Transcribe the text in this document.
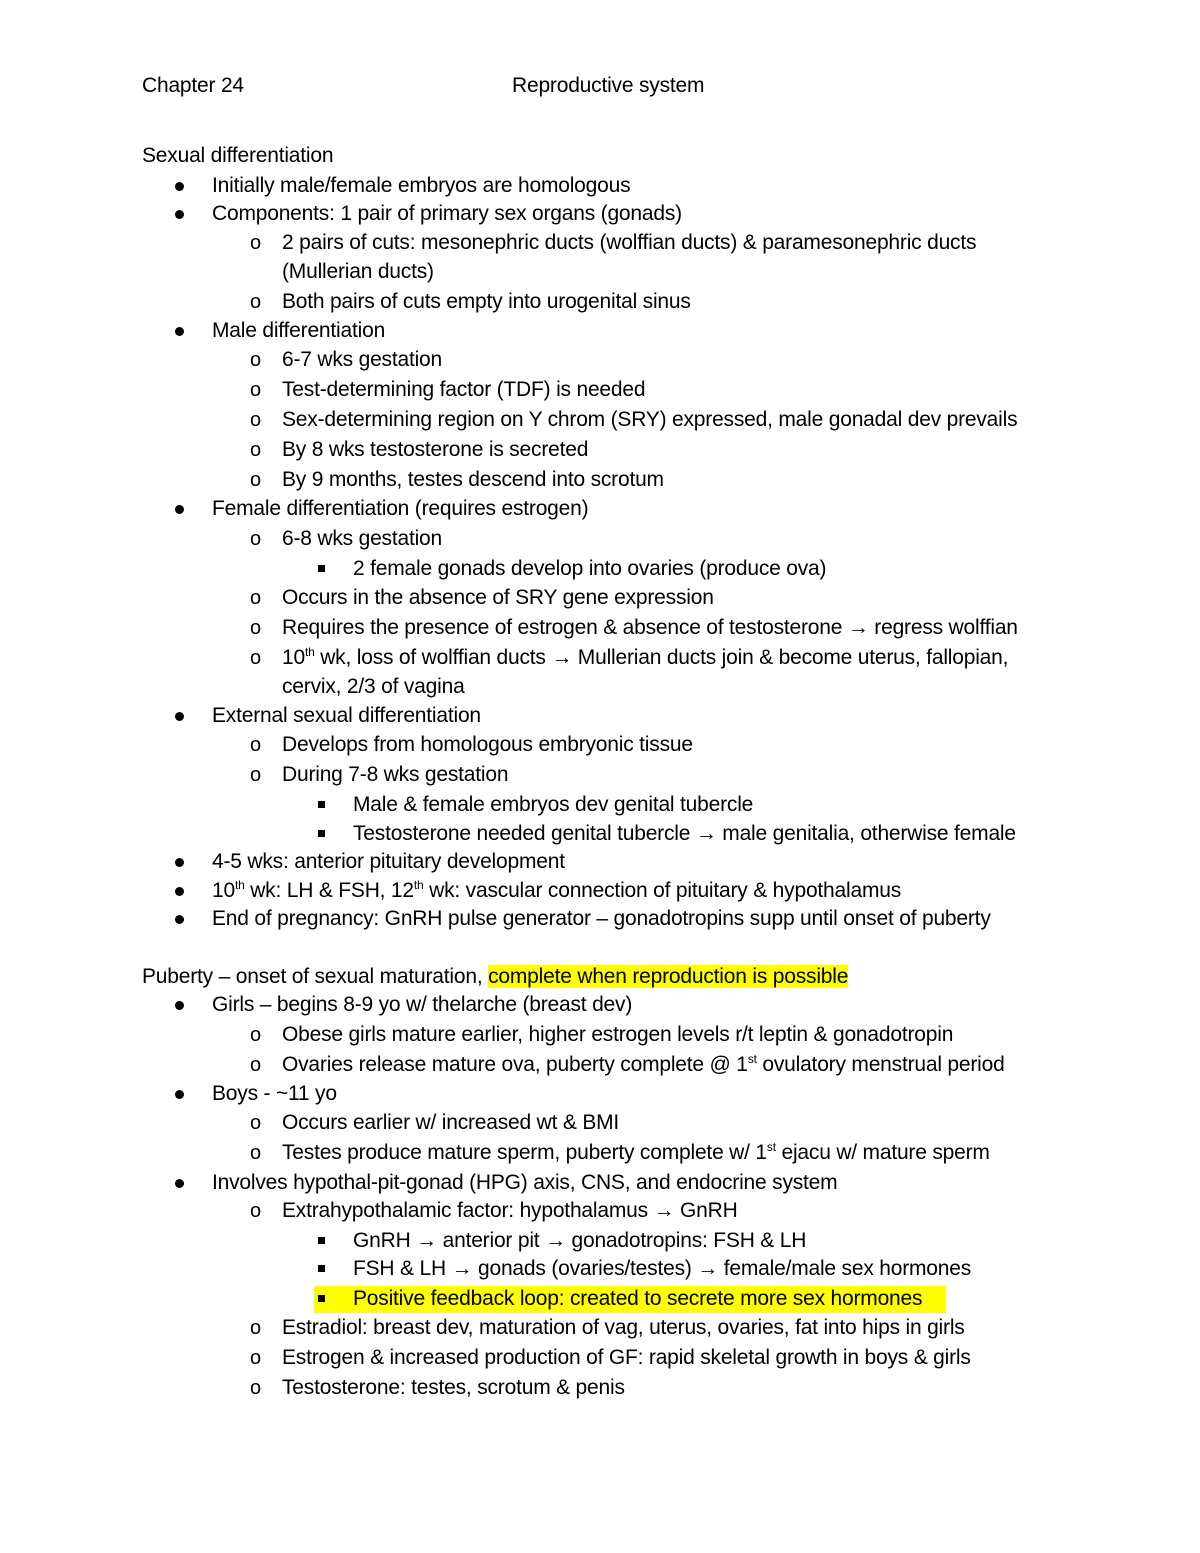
Chapter 24	Reproductive system
Sexual differentiation
Initially male/female embryos are homologous
Components: 1 pair of primary sex organs (gonads)
o 2 pairs of cuts: mesonephric ducts (wolffian ducts) & paramesonephric ducts
(Mullerian ducts)
o Both pairs of cuts empty into urogenital sinus
Male differentiation
o 6-7 wks gestation
o Test-determining factor (TDF) is needed
o Sex-determining region on Y chrom (SRY) expressed, male gonadal dev prevails
o By 8 wks testosterone is secreted
o By 9 months, testes descend into scrotum
Female differentiation (requires estrogen)
o 6-8 wks gestation
2 female gonads develop into ovaries (produce ova)
o Occurs in the absence of SRY gene expression
o Requires the presence of estrogen & absence of testosterone → regress wolffian
o 10th wk, loss of wolffian ducts → Mullerian ducts join & become uterus, fallopian,
cervix, 2/3 of vagina
External sexual differentiation
o Develops from homologous embryonic tissue
o During 7-8 wks gestation
Male & female embryos dev genital tubercle
Testosterone needed genital tubercle → male genitalia, otherwise female
4-5 wks: anterior pituitary development
10th wk: LH & FSH, 12th wk: vascular connection of pituitary & hypothalamus
End of pregnancy: GnRH pulse generator – gonadotropins supp until onset of puberty
Puberty – onset of sexual maturation, complete when reproduction is possible
Girls – begins 8-9 yo w/ thelarche (breast dev)
o Obese girls mature earlier, higher estrogen levels r/t leptin & gonadotropin
o Ovaries release mature ova, puberty complete @ 1st ovulatory menstrual period
Boys - ~11 yo
o Occurs earlier w/ increased wt & BMI
o Testes produce mature sperm, puberty complete w/ 1st ejacu w/ mature sperm
Involves hypothal-pit-gonad (HPG) axis, CNS, and endocrine system
o Extrahypothalamic factor: hypothalamus → GnRH
GnRH → anterior pit → gonadotropins: FSH & LH
FSH & LH → gonads (ovaries/testes) → female/male sex hormones
Positive feedback loop: created to secrete more sex hormones
o Estradiol: breast dev, maturation of vag, uterus, ovaries, fat into hips in girls
o Estrogen & increased production of GF: rapid skeletal growth in boys & girls
o Testosterone: testes, scrotum & penis
